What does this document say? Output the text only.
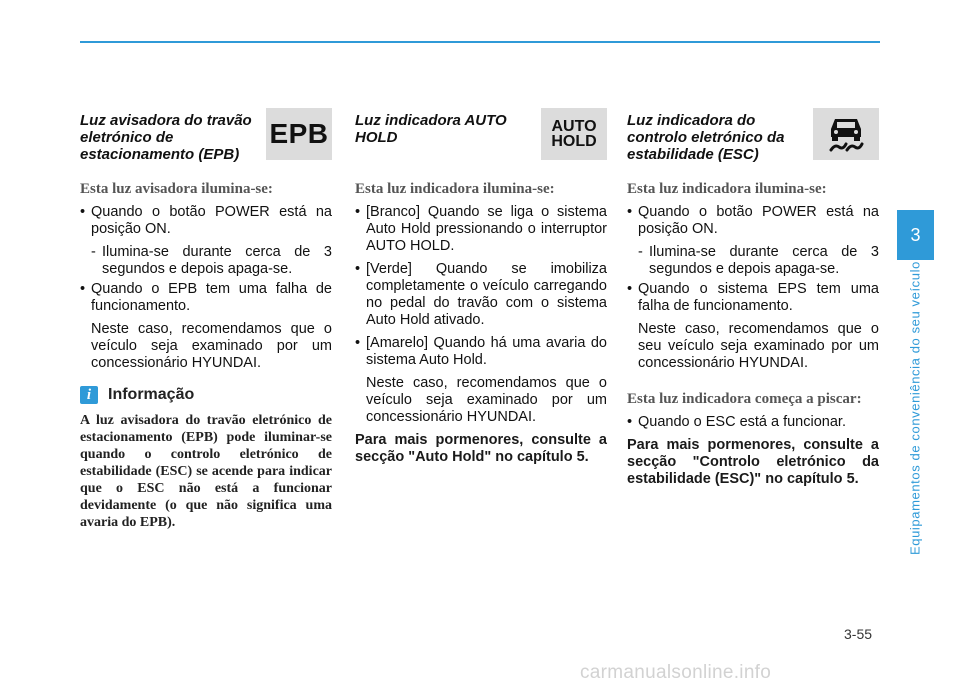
Luz avisadora do travão eletrónico de estacionamento (EPB)
EPB
Esta luz avisadora ilumina-se:
• Quando o botão POWER está na posição ON.
- Ilumina-se durante cerca de 3 segundos e depois apaga-se.
• Quando o EPB tem uma falha de funcionamento.
Neste caso, recomendamos que o veículo seja examinado por um concessionário HYUNDAI.
i	Informação
A luz avisadora do travão eletrónico de estacionamento (EPB) pode iluminar-se quando o controlo eletrónico de estabilidade (ESC) se acende para indicar que o ESC não está a funcionar devidamente (o que não significa uma avaria do EPB).
Luz indicadora AUTO HOLD
AUTO
HOLD
Esta luz indicadora ilumina-se:
• [Branco] Quando se liga o sistema Auto Hold pressionando o interruptor AUTO HOLD.
• [Verde] Quando se imobiliza completamente o veículo carregando no pedal do travão com o sistema Auto Hold ativado.
• [Amarelo] Quando há uma avaria do sistema Auto Hold.
Neste caso, recomendamos que o veículo seja examinado por um concessionário HYUNDAI.
Para mais pormenores, consulte a secção "Auto Hold" no capítulo 5.
Luz indicadora do controlo eletrónico da estabilidade (ESC)
Esta luz indicadora ilumina-se:
• Quando o botão POWER está na posição ON.
- Ilumina-se durante cerca de 3 segundos e depois apaga-se.
• Quando o sistema EPS tem uma falha de funcionamento.
Neste caso, recomendamos que o seu veículo seja examinado por um concessionário HYUNDAI.
Esta luz indicadora começa a piscar:
• Quando o ESC está a funcionar.
Para mais pormenores, consulte a secção "Controlo eletrónico da estabilidade (ESC)" no capítulo 5.
3
Equipamentos de conveniência do seu veículo
3-55
carmanualsonline.info
